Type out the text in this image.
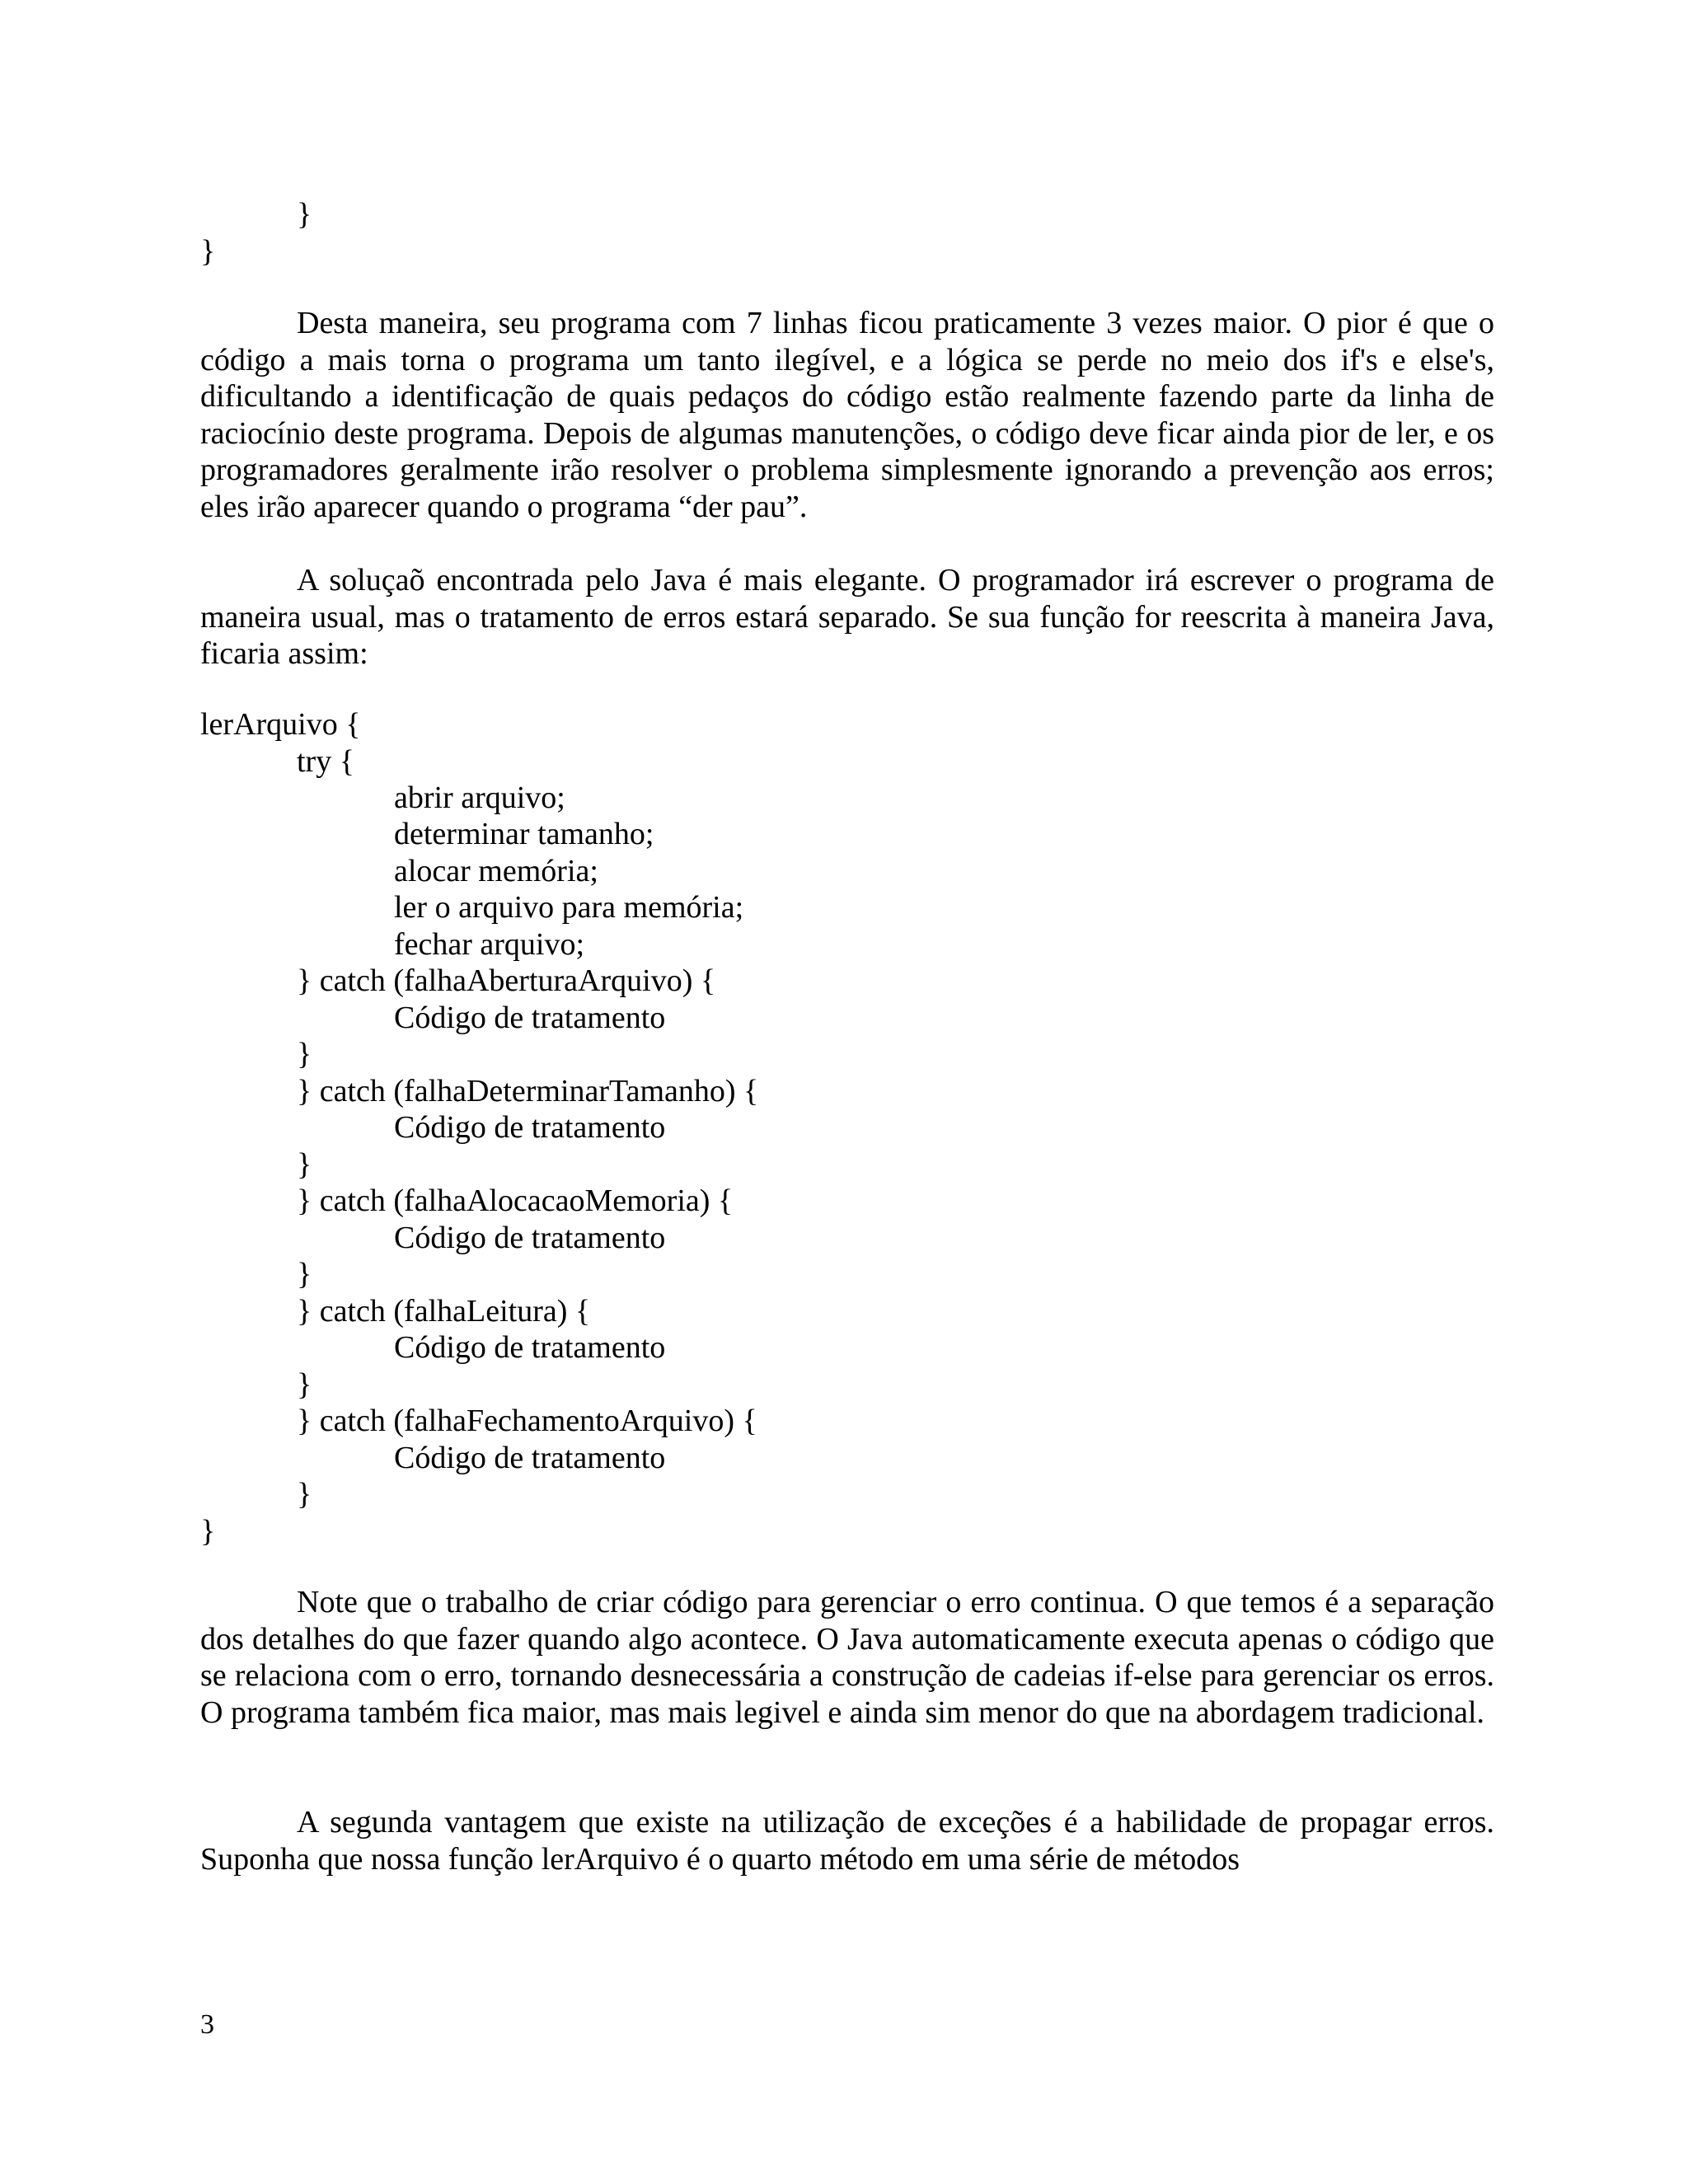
}
}

Desta maneira, seu programa com 7 linhas ficou praticamente 3 vezes maior. O pior é que o código a mais torna o programa um tanto ilegível, e a lógica se perde no meio dos if's e else's, dificultando a identificação de quais pedaços do código estão realmente fazendo parte da linha de raciocínio deste programa. Depois de algumas manutenções, o código deve ficar ainda pior de ler, e os programadores geralmente irão resolver o problema simplesmente ignorando a prevenção aos erros; eles irão aparecer quando o programa “der pau”.

A soluçaõ encontrada pelo Java é mais elegante. O programador irá escrever o programa de maneira usual, mas o tratamento de erros estará separado. Se sua função for reescrita à maneira Java, ficaria assim:

lerArquivo {
try {
abrir arquivo;
determinar tamanho;
alocar memória;
ler o arquivo para memória;
fechar arquivo;
} catch (falhaAberturaArquivo) {
Código de tratamento
}
} catch (falhaDeterminarTamanho) {
Código de tratamento
}
} catch (falhaAlocacaoMemoria) {
Código de tratamento
}
} catch (falhaLeitura) {
Código de tratamento
}
} catch (falhaFechamentoArquivo) {
Código de tratamento
}
}

Note que o trabalho de criar código para gerenciar o erro continua. O que temos é a separação dos detalhes do que fazer quando algo acontece. O Java automaticamente executa apenas o código que se relaciona com o erro, tornando desnecessária a construção de cadeias if-else para gerenciar os erros. O programa também fica maior, mas mais legivel e ainda sim menor do que na abordagem tradicional.

A segunda vantagem que existe na utilização de exceções é a habilidade de propagar erros. Suponha que nossa função lerArquivo é o quarto método em uma série de métodos

3
